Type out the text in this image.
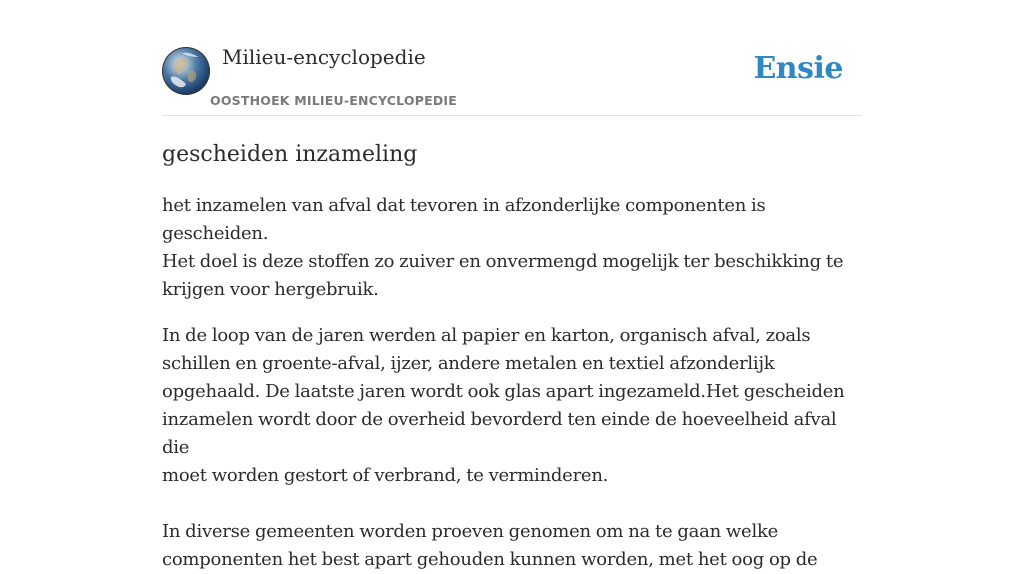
Milieu-encyclopedie
OOSTHOEK MILIEU-ENCYCLOPEDIE
Ensie
gescheiden inzameling

het inzamelen van afval dat tevoren in afzonderlijke componenten is gescheiden.
Het doel is deze stoffen zo zuiver en onvermengd mogelijk ter beschikking te
krijgen voor hergebruik.

In de loop van de jaren werden al papier en karton, organisch afval, zoals
schillen en groente-afval, ijzer, andere metalen en textiel afzonderlijk
opgehaald. De laatste jaren wordt ook glas apart ingezameld.Het gescheiden
inzamelen wordt door de overheid bevorderd ten einde de hoeveelheid afval die
moet worden gestort of verbrand, te verminderen.

In diverse gemeenten worden proeven genomen om na te gaan welke
componenten het best apart gehouden kunnen worden, met het oog op de
